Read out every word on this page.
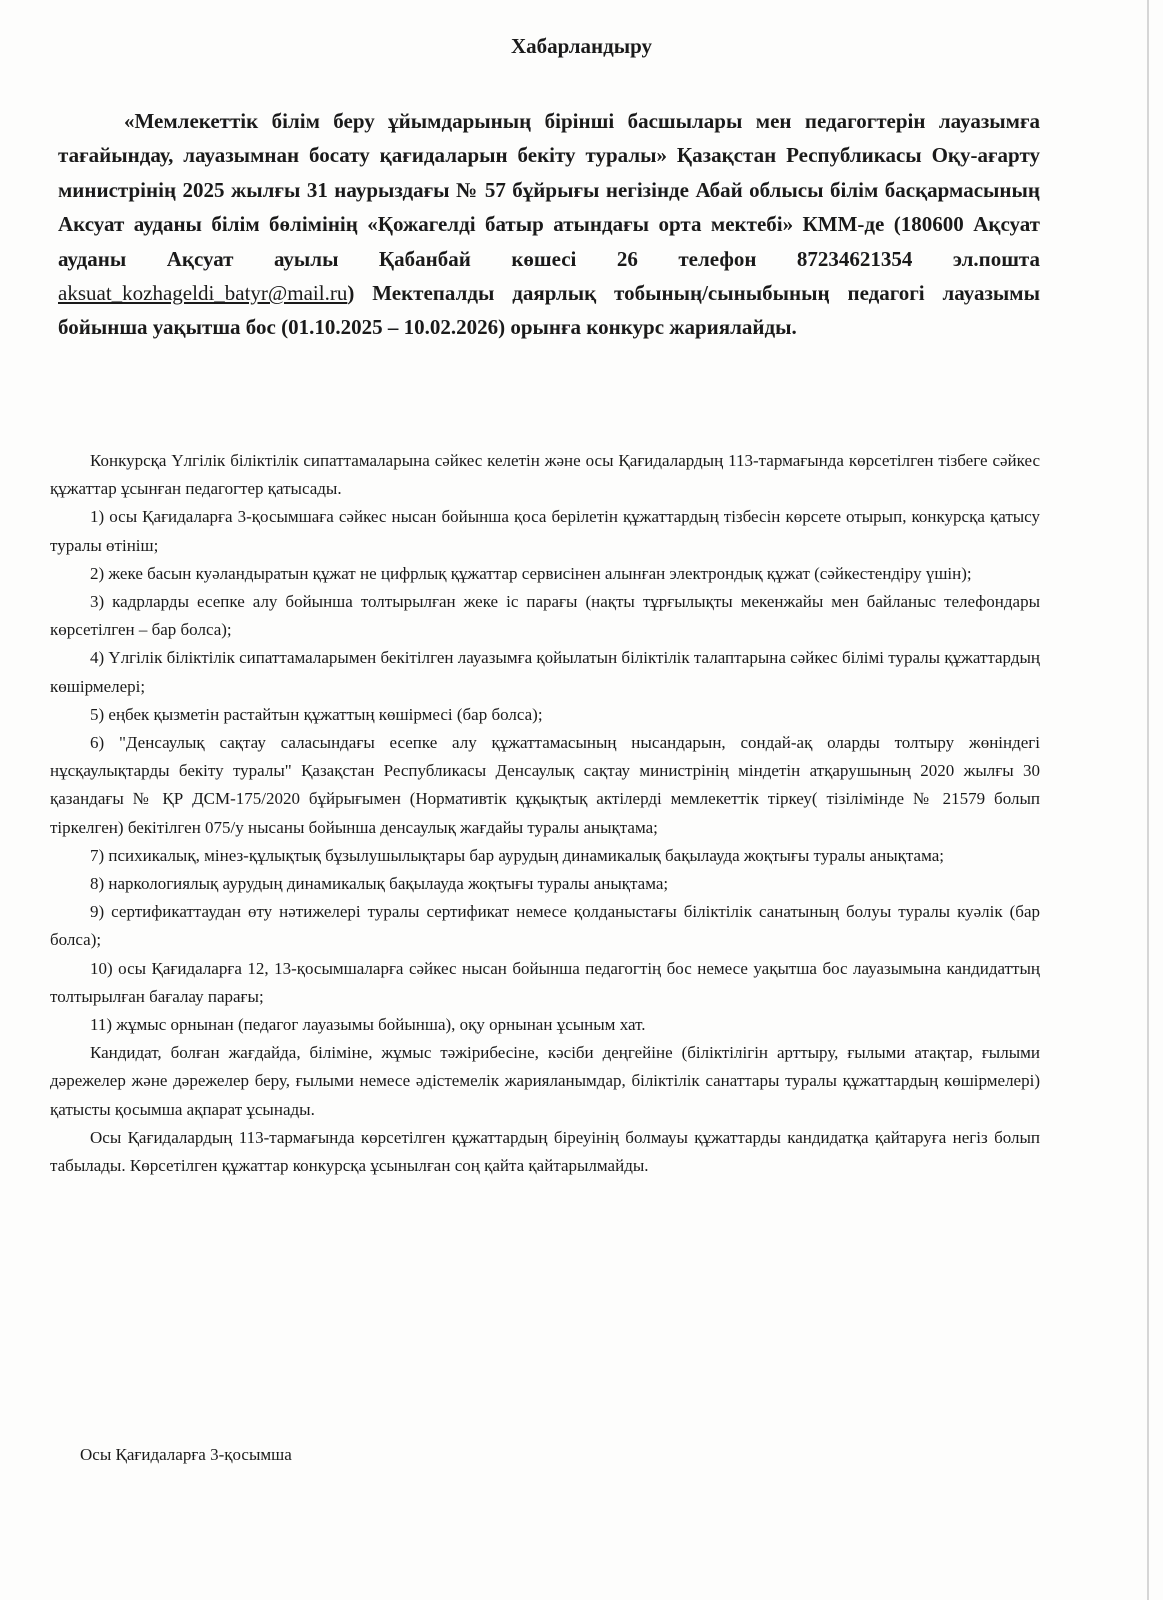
Хабарландыру

«Мемлекеттік білім беру ұйымдарының бірінші басшылары мен педагогтерін лауазымға тағайындау, лауазымнан босату қағидаларын бекіту туралы» Қазақстан Республикасы Оқу-ағарту министрінің 2025 жылғы 31 наурыздағы № 57 бұйрығы негізінде Абай облысы білім басқармасының Аксуат ауданы білім бөлімінің «Қожагелді батыр атындағы орта мектебі» КММ-де (180600 Ақсуат ауданы Ақсуат ауылы Қабанбай көшесі 26 телефон 87234621354 эл.пошта aksuat_kozhageldi_batyr@mail.ru) Мектепалды даярлық тобының/сыныбының педагогі лауазымы бойынша уақытша бос (01.10.2025 – 10.02.2026) орынға конкурс жариялайды.

Конкурсқа Үлгілік біліктілік сипаттамаларына сәйкес келетін және осы Қағидалардың 113-тармағында көрсетілген тізбеге сәйкес құжаттар ұсынған педагогтер қатысады.

1) осы Қағидаларға 3-қосымшаға сәйкес нысан бойынша қоса берілетін құжаттардың тізбесін көрсете отырып, конкурсқа қатысу туралы өтініш;

2) жеке басын куәландыратын құжат не цифрлық құжаттар сервисінен алынған электрондық құжат (сәйкестендіру үшін);

3) кадрларды есепке алу бойынша толтырылған жеке іс парағы (нақты тұрғылықты мекенжайы мен байланыс телефондары көрсетілген – бар болса);

4) Үлгілік біліктілік сипаттамаларымен бекітілген лауазымға қойылатын біліктілік талаптарына сәйкес білімі туралы құжаттардың көшірмелері;

5) еңбек қызметін растайтын құжаттың көшірмесі (бар болса);

6) "Денсаулық сақтау саласындағы есепке алу құжаттамасының нысандарын, сондай-ақ оларды толтыру жөніндегі нұсқаулықтарды бекіту туралы" Қазақстан Республикасы Денсаулық сақтау министрінің міндетін атқарушының 2020 жылғы 30 қазандағы № ҚР ДСМ-175/2020 бұйрығымен (Нормативтік құқықтық актілерді мемлекеттік тіркеу( тізілімінде № 21579 болып тіркелген) бекітілген 075/у нысаны бойынша денсаулық жағдайы туралы анықтама;

7) психикалық, мінез-құлықтық бұзылушылықтары бар аурудың динамикалық бақылауда жоқтығы туралы анықтама;

8) наркологиялық аурудың динамикалық бақылауда жоқтығы туралы анықтама;

9) сертификаттаудан өту нәтижелері туралы сертификат немесе қолданыстағы біліктілік санатының болуы туралы куәлік (бар болса);

10) осы Қағидаларға 12, 13-қосымшаларға сәйкес нысан бойынша педагогтің бос немесе уақытша бос лауазымына кандидаттың толтырылған бағалау парағы;

11) жұмыс орнынан (педагог лауазымы бойынша), оқу орнынан ұсыным хат.

Кандидат, болған жағдайда, біліміне, жұмыс тәжірибесіне, кәсіби деңгейіне (біліктілігін арттыру, ғылыми атақтар, ғылыми дәрежелер және дәрежелер беру, ғылыми немесе әдістемелік жарияланымдар, біліктілік санаттары туралы құжаттардың көшірмелері) қатысты қосымша ақпарат ұсынады.

Осы Қағидалардың 113-тармағында көрсетілген құжаттардың біреуінің болмауы құжаттарды кандидатқа қайтаруға негіз болып табылады. Көрсетілген құжаттар конкурсқа ұсынылған соң қайта қайтарылмайды.

Осы Қағидаларға 3-қосымша
